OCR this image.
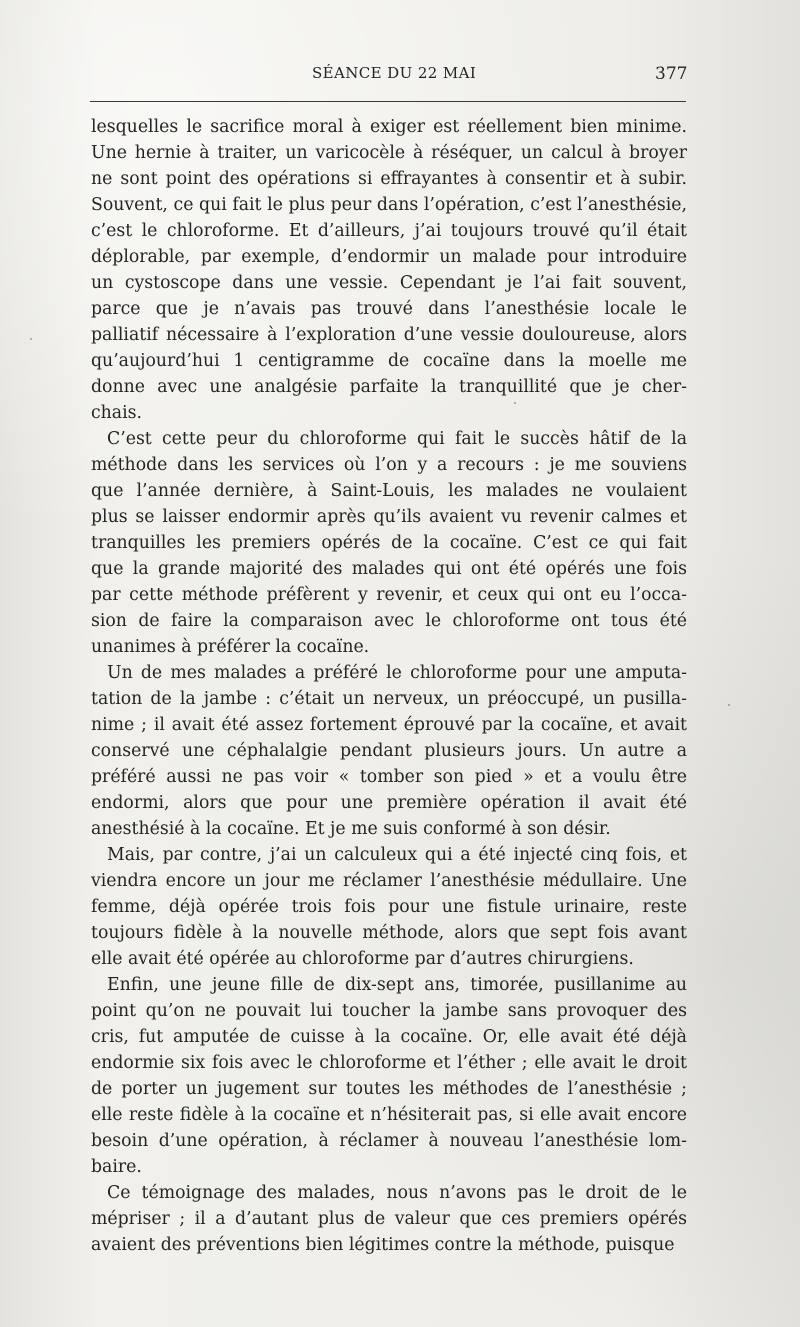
SÉANCE DU 22 MAI	377
lesquelles le sacrifice moral à exiger est réellement bien minime.
Une hernie à traiter, un varicocèle à réséquer, un calcul à broyer
ne sont point des opérations si effrayantes à consentir et à subir.
Souvent, ce qui fait le plus peur dans l’opération, c’est l’anesthésie,
c’est le chloroforme. Et d’ailleurs, j’ai toujours trouvé qu’il était
déplorable, par exemple, d’endormir un malade pour introduire
un cystoscope dans une vessie. Cependant je l’ai fait souvent,
parce que je n’avais pas trouvé dans l’anesthésie locale le
palliatif nécessaire à l’exploration d’une vessie douloureuse, alors
qu’aujourd’hui 1 centigramme de cocaïne dans la moelle me
donne avec une analgésie parfaite la tranquillité que je cher-
chais.
C’est cette peur du chloroforme qui fait le succès hâtif de la
méthode dans les services où l’on y a recours : je me souviens
que l’année dernière, à Saint-Louis, les malades ne voulaient
plus se laisser endormir après qu’ils avaient vu revenir calmes et
tranquilles les premiers opérés de la cocaïne. C’est ce qui fait
que la grande majorité des malades qui ont été opérés une fois
par cette méthode préfèrent y revenir, et ceux qui ont eu l’occa-
sion de faire la comparaison avec le chloroforme ont tous été
unanimes à préférer la cocaïne.
Un de mes malades a préféré le chloroforme pour une amputa-
tation de la jambe : c’était un nerveux, un préoccupé, un pusilla-
nime ; il avait été assez fortement éprouvé par la cocaïne, et avait
conservé une céphalalgie pendant plusieurs jours. Un autre a
préféré aussi ne pas voir « tomber son pied » et a voulu être
endormi, alors que pour une première opération il avait été
anesthésié à la cocaïne. Et je me suis conformé à son désir.
Mais, par contre, j’ai un calculeux qui a été injecté cinq fois, et
viendra encore un jour me réclamer l’anesthésie médullaire. Une
femme, déjà opérée trois fois pour une fistule urinaire, reste
toujours fidèle à la nouvelle méthode, alors que sept fois avant
elle avait été opérée au chloroforme par d’autres chirurgiens.
Enfin, une jeune fille de dix-sept ans, timorée, pusillanime au
point qu’on ne pouvait lui toucher la jambe sans provoquer des
cris, fut amputée de cuisse à la cocaïne. Or, elle avait été déjà
endormie six fois avec le chloroforme et l’éther ; elle avait le droit
de porter un jugement sur toutes les méthodes de l’anesthésie ;
elle reste fidèle à la cocaïne et n’hésiterait pas, si elle avait encore
besoin d’une opération, à réclamer à nouveau l’anesthésie lom-
baire.
Ce témoignage des malades, nous n’avons pas le droit de le
mépriser ; il a d’autant plus de valeur que ces premiers opérés
avaient des préventions bien légitimes contre la méthode, puisque
